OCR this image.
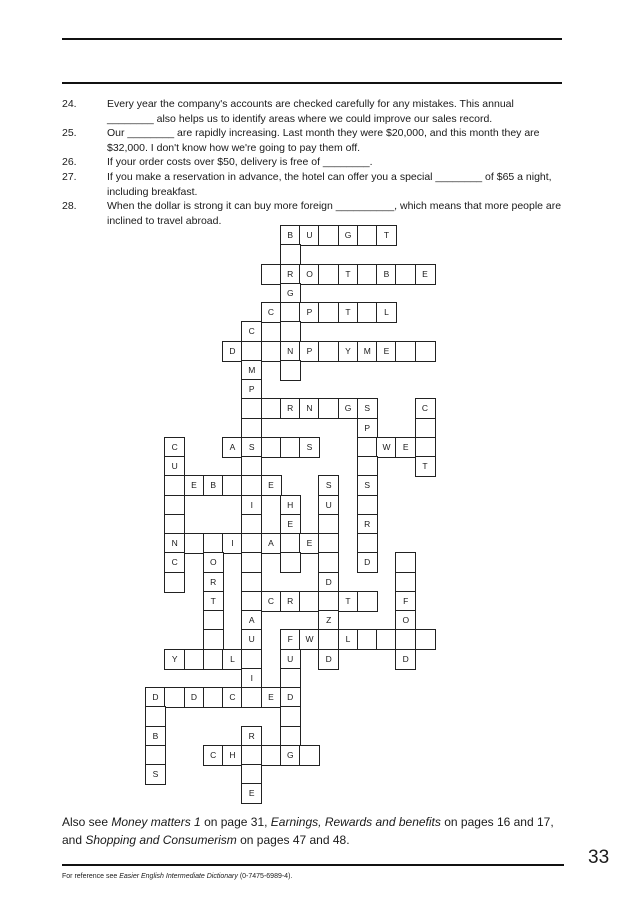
24.	Every year the company's accounts are checked carefully for any mistakes. This annual ________ also helps us to identify areas where we could improve our sales record.
25.	Our ________ are rapidly increasing. Last month they were $20,000, and this month they are $32,000. I don't know how we're going to pay them off.
26.	If your order costs over $50, delivery is free of ________.
27.	If you make a reservation in advance, the hotel can offer you a special ________ of $65 a night, including breakfast.
28.	When the dollar is strong it can buy more foreign __________, which means that more people are inclined to travel abroad.
B	U	G	T
R	O	T	B	E
G
C	P	T	L
C
D	N	P	Y	M	E
M
P
R	N	G	S	C
P
C	A	S	S	W	E
U	T
E	B	E	S	S
I	H	U
E	R
N	I	A	E
C	O	D
R	D
T	C	R	T	F
A	Z	O
U	F	W	L
Y	L	U	D	D
I
D	D	C	E	D
B	R
C	H	G
S
E
Also see Money matters 1 on page 31, Earnings, Rewards and benefits on pages 16 and 17, and Shopping and Consumerism on pages 47 and 48.
33
For reference see Easier English Intermediate Dictionary (0-7475-6989-4).
